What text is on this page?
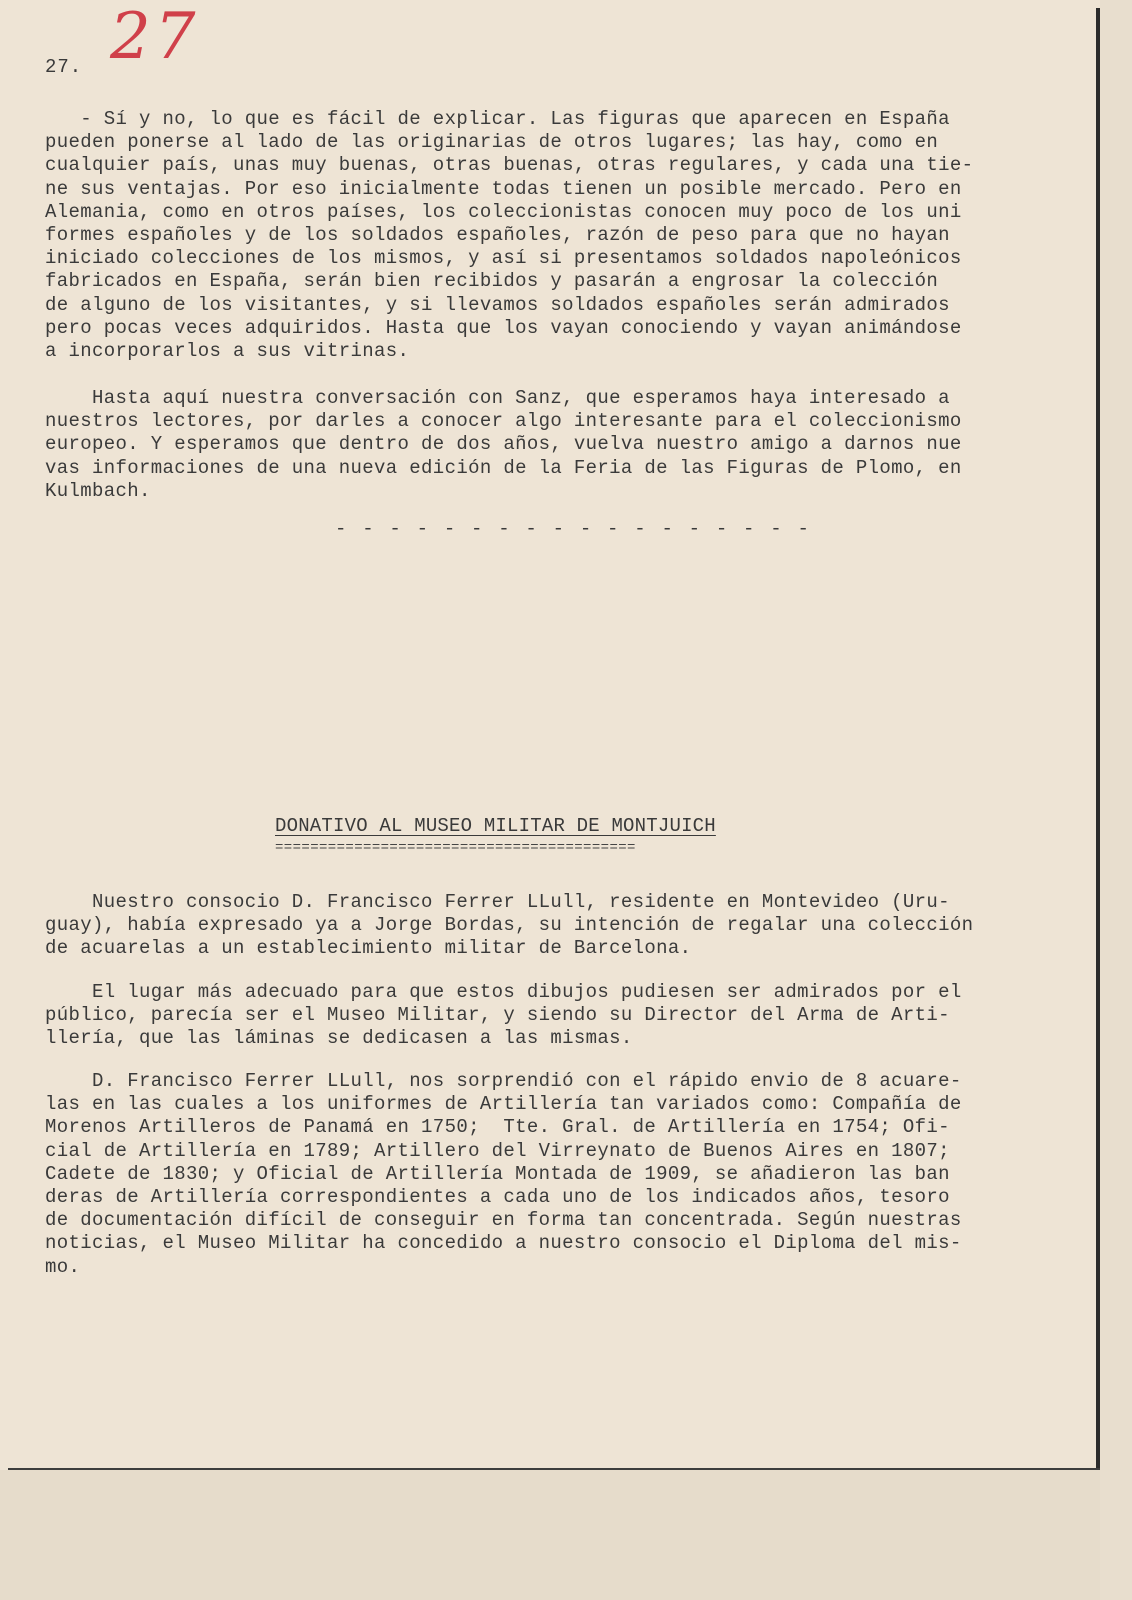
27. 27
- Sí y no, lo que es fácil de explicar. Las figuras que aparecen en España
pueden ponerse al lado de las originarias de otros lugares; las hay, como en
cualquier país, unas muy buenas, otras buenas, otras regulares, y cada una tie-
ne sus ventajas. Por eso inicialmente todas tienen un posible mercado. Pero en
Alemania, como en otros países, los coleccionistas conocen muy poco de los uni
formes españoles y de los soldados españoles, razón de peso para que no hayan
iniciado colecciones de los mismos, y así si presentamos soldados napoleónicos
fabricados en España, serán bien recibidos y pasarán a engrosar la colección
de alguno de los visitantes, y si llevamos soldados españoles serán admirados
pero pocas veces adquiridos. Hasta que los vayan conociendo y vayan animándose
a incorporarlos a sus vitrinas.
Hasta aquí nuestra conversación con Sanz, que esperamos haya interesado a
nuestros lectores, por darles a conocer algo interesante para el coleccionismo
europeo. Y esperamos que dentro de dos años, vuelva nuestro amigo a darnos nue
vas informaciones de una nueva edición de la Feria de las Figuras de Plomo, en
Kulmbach.
- - - - - - - - - - - - - - - - - -
DONATIVO AL MUSEO MILITAR DE MONTJUICH
=========================================
Nuestro consocio D. Francisco Ferrer LLull, residente en Montevideo (Uru-
guay), había expresado ya a Jorge Bordas, su intención de regalar una colección
de acuarelas a un establecimiento militar de Barcelona.
El lugar más adecuado para que estos dibujos pudiesen ser admirados por el
público, parecía ser el Museo Militar, y siendo su Director del Arma de Arti-
llería, que las láminas se dedicasen a las mismas.
D. Francisco Ferrer LLull, nos sorprendió con el rápido envio de 8 acuare-
las en las cuales a los uniformes de Artillería tan variados como: Compañía de
Morenos Artilleros de Panamá en 1750;  Tte. Gral. de Artillería en 1754; Ofi-
cial de Artillería en 1789; Artillero del Virreynato de Buenos Aires en 1807;
Cadete de 1830; y Oficial de Artillería Montada de 1909, se añadieron las ban
deras de Artillería correspondientes a cada uno de los indicados años, tesoro
de documentación difícil de conseguir en forma tan concentrada. Según nuestras
noticias, el Museo Militar ha concedido a nuestro consocio el Diploma del mis-
mo.
